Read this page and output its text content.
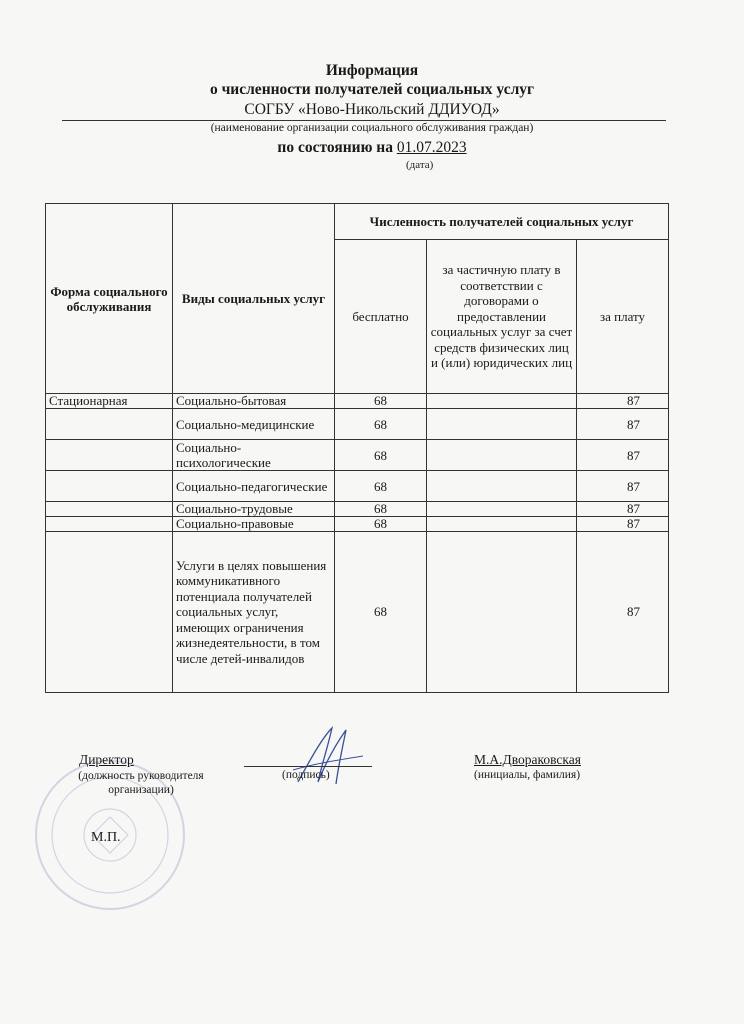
Информация
о численности получателей социальных услуг
СОГБУ «Ново-Никольский ДДИУОД»
(наименование организации социального обслуживания граждан)
по состоянию на 01.07.2023
(дата)
Форма социального обслуживания	Виды социальных услуг	Численность получателей социальных услуг		
		бесплатно	за частичную плату в соответствии с договорами о предоставлении социальных услуг за счет средств физических лиц и (или) юридических лиц	за плату
Стационарная	Социально-бытовая	68		87
	Социально-медицинские	68		87
	Социально-психологические	68		87
	Социально-педагогические	68		87
	Социально-трудовые	68		87
	Социально-правовые	68		87
	Услуги в целях повышения коммуникативного потенциала получателей социальных услуг, имеющих ограничения жизнедеятельности, в том числе детей-инвалидов	68		87
Директор
(должность руководителя организации)
(подпись)
М.А.Двораковская
(инициалы, фамилия)
М.П.
